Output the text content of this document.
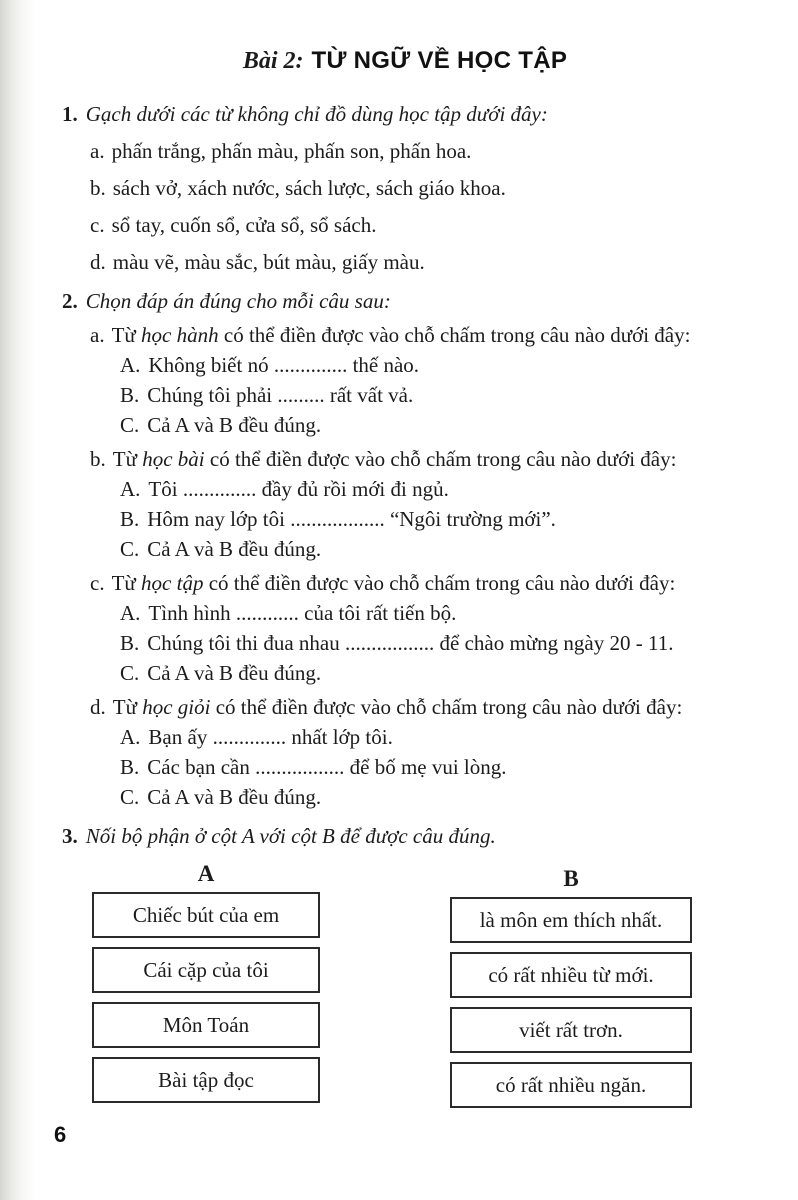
Bài 2: TỪ NGỮ VỀ HỌC TẬP
1. Gạch dưới các từ không chỉ đồ dùng học tập dưới đây:
a. phấn trắng, phấn màu, phấn son, phấn hoa.
b. sách vở, xách nước, sách lược, sách giáo khoa.
c. sổ tay, cuốn sổ, cửa sổ, sổ sách.
d. màu vẽ, màu sắc, bút màu, giấy màu.
2. Chọn đáp án đúng cho mỗi câu sau:
a. Từ học hành có thể điền được vào chỗ chấm trong câu nào dưới đây:
A. Không biết nó .............. thế nào.
B. Chúng tôi phải ......... rất vất vả.
C. Cả A và B đều đúng.
b. Từ học bài có thể điền được vào chỗ chấm trong câu nào dưới đây:
A. Tôi .............. đầy đủ rồi mới đi ngủ.
B. Hôm nay lớp tôi .................. “Ngôi trường mới”.
C. Cả A và B đều đúng.
c. Từ học tập có thể điền được vào chỗ chấm trong câu nào dưới đây:
A. Tình hình ............ của tôi rất tiến bộ.
B. Chúng tôi thi đua nhau ................. để chào mừng ngày 20 - 11.
C. Cả A và B đều đúng.
d. Từ học giỏi có thể điền được vào chỗ chấm trong câu nào dưới đây:
A. Bạn ấy .............. nhất lớp tôi.
B. Các bạn cần ................. để bố mẹ vui lòng.
C. Cả A và B đều đúng.
3. Nối bộ phận ở cột A với cột B để được câu đúng.
A
Chiếc bút của em
Cái cặp của tôi
Môn Toán
Bài tập đọc
B
là môn em thích nhất.
có rất nhiều từ mới.
viết rất trơn.
có rất nhiều ngăn.
6
